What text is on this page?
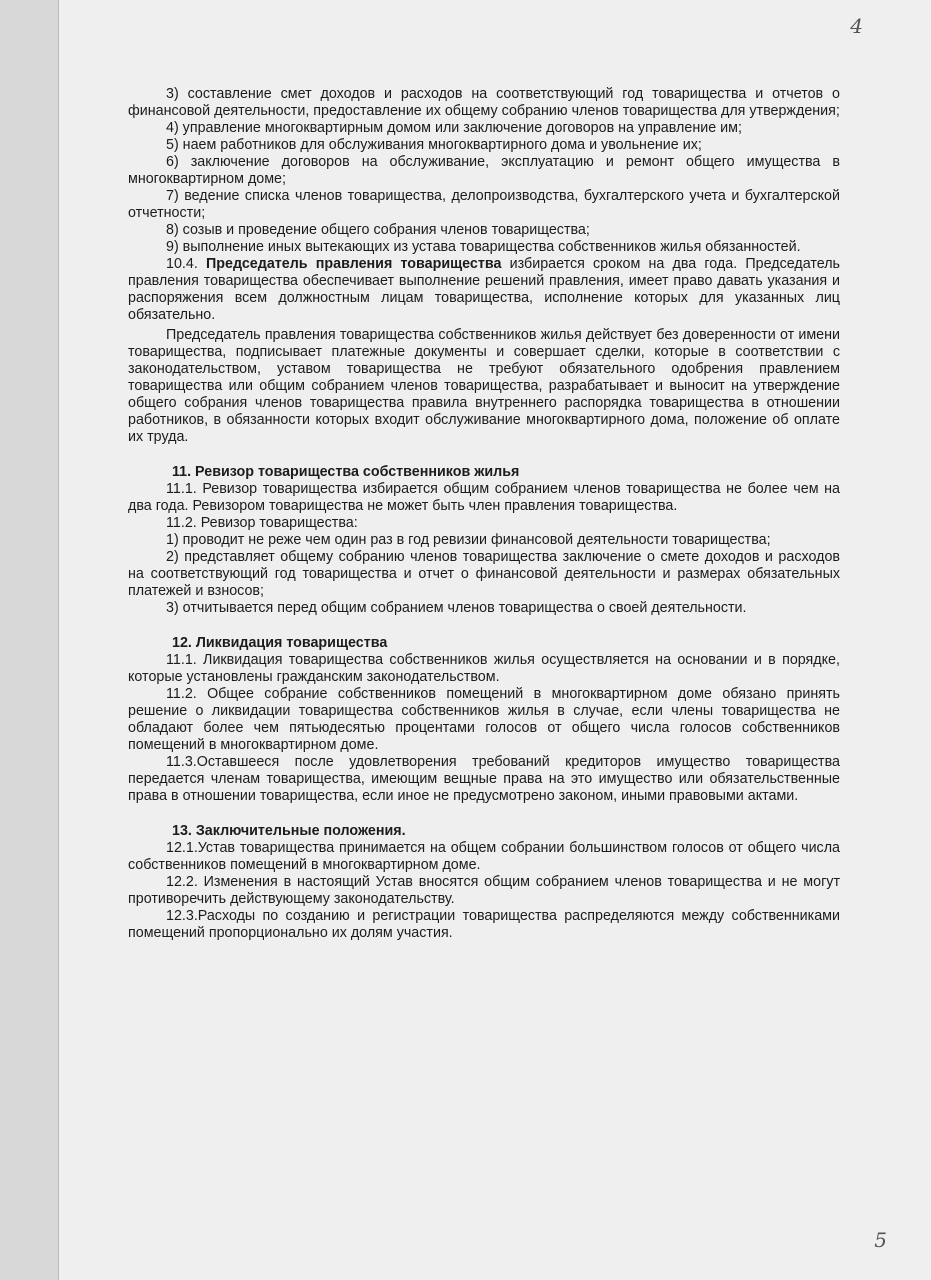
4
5

3) составление смет доходов и расходов на соответствующий год товарищества и отчетов о финансовой деятельности, предоставление их общему собранию членов товарищества для утверждения;

4) управление многоквартирным домом или заключение договоров на управление им;

5) наем работников для обслуживания многоквартирного дома и увольнение их;

6) заключение договоров на обслуживание, эксплуатацию и ремонт общего имущества в многоквартирном доме;

7) ведение списка членов товарищества, делопроизводства, бухгалтерского учета и бухгалтерской отчетности;

8) созыв и проведение общего собрания членов товарищества;

9) выполнение иных вытекающих из устава товарищества собственников жилья обязанностей.

10.4. Председатель правления товарищества избирается сроком на два года. Председатель правления товарищества обеспечивает выполнение решений правления, имеет право давать указания и распоряжения всем должностным лицам товарищества, исполнение которых для указанных лиц обязательно.

Председатель правления товарищества собственников жилья действует без доверенности от имени товарищества, подписывает платежные документы и совершает сделки, которые в соответствии с законодательством, уставом товарищества не требуют обязательного одобрения правлением товарищества или общим собранием членов товарищества, разрабатывает и выносит на утверждение общего собрания членов товарищества правила внутреннего распорядка товарищества в отношении работников, в обязанности которых входит обслуживание многоквартирного дома, положение об оплате их труда.

11. Ревизор товарищества собственников жилья

11.1. Ревизор товарищества избирается общим собранием членов товарищества не более чем на два года. Ревизором товарищества не может быть член правления товарищества.

11.2. Ревизор товарищества:

1) проводит не реже чем один раз в год ревизии финансовой деятельности товарищества;

2) представляет общему собранию членов товарищества заключение о смете доходов и расходов на соответствующий год товарищества и отчет о финансовой деятельности и размерах обязательных платежей и взносов;

3) отчитывается перед общим собранием членов товарищества о своей деятельности.

12. Ликвидация товарищества

11.1. Ликвидация товарищества собственников жилья осуществляется на основании и в порядке, которые установлены гражданским законодательством.

11.2. Общее собрание собственников помещений в многоквартирном доме обязано принять решение о ликвидации товарищества собственников жилья в случае, если члены товарищества не обладают более чем пятьюдесятью процентами голосов от общего числа голосов собственников помещений в многоквартирном доме.

11.3.Оставшееся после удовлетворения требований кредиторов имущество товарищества передается членам товарищества, имеющим вещные права на это имущество или обязательственные права в отношении товарищества, если иное не предусмотрено законом, иными правовыми актами.

13. Заключительные положения.

12.1.Устав товарищества принимается на общем собрании большинством голосов от общего числа собственников помещений в многоквартирном доме.

12.2. Изменения в настоящий Устав вносятся общим собранием членов товарищества и не могут противоречить действующему законодательству.

12.3.Расходы по созданию и регистрации товарищества распределяются между собственниками помещений пропорционально их долям участия.
